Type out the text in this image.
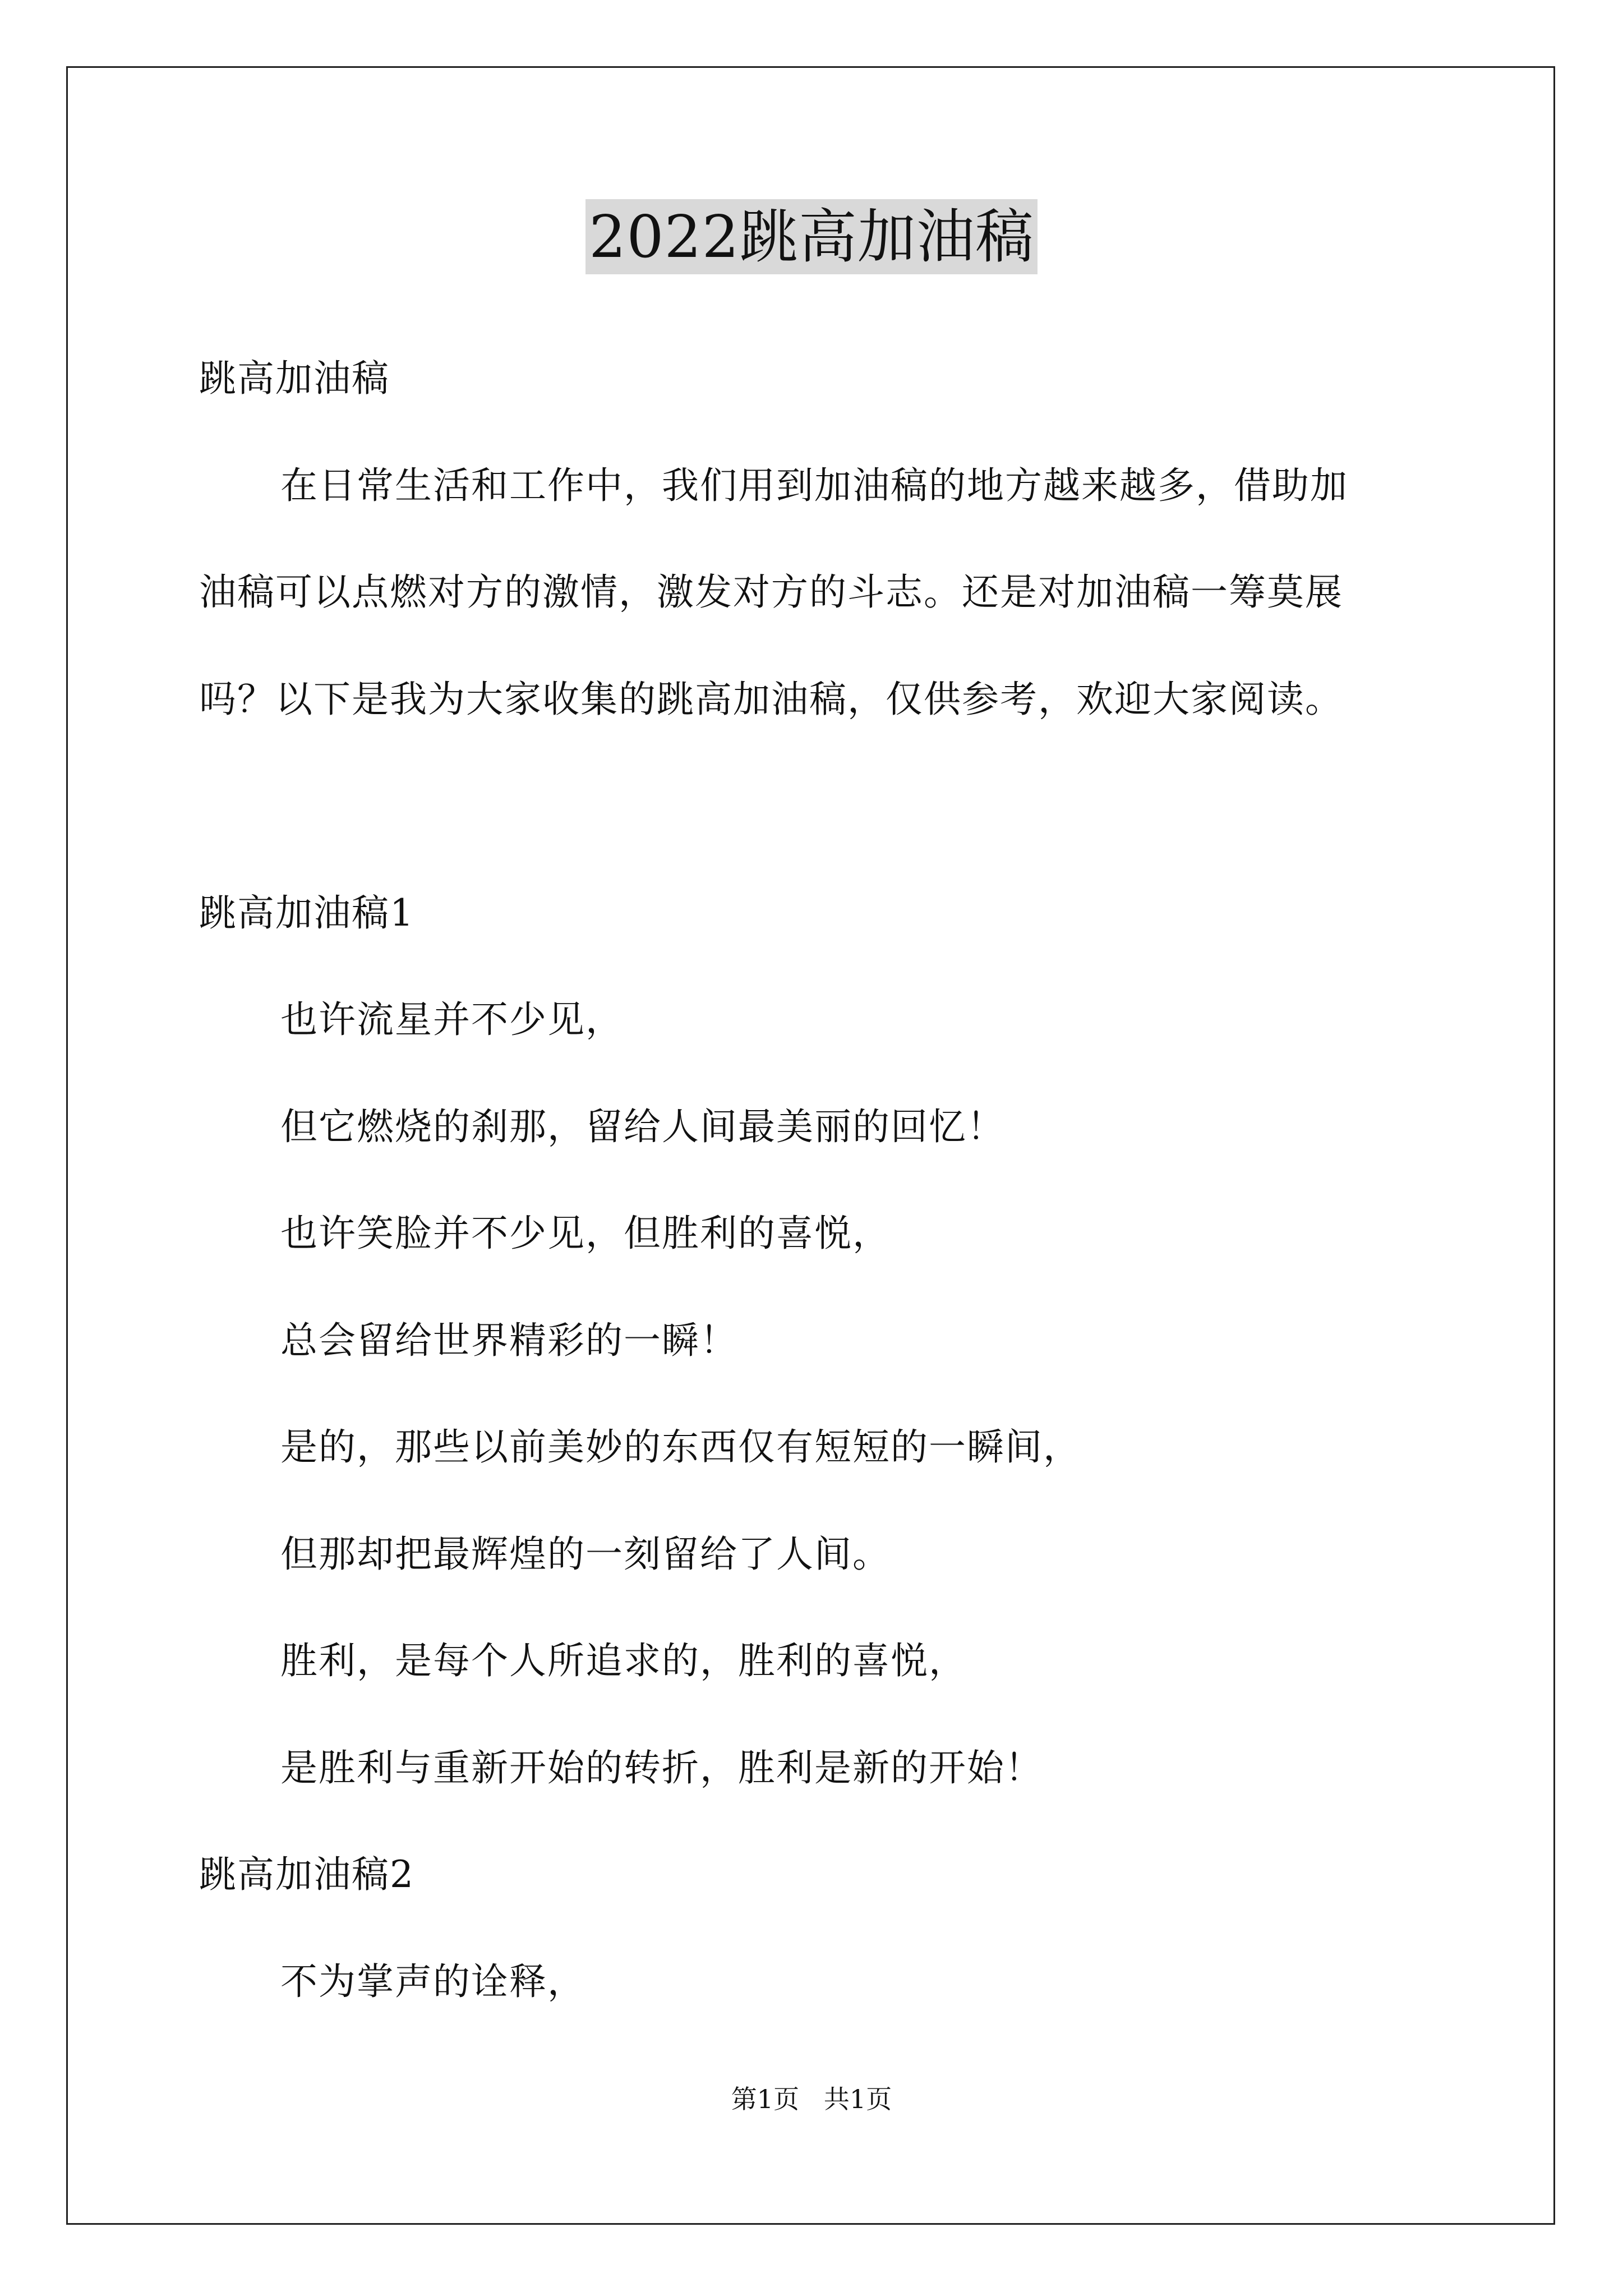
2022跳高加油稿
跳高加油稿
在日常生活和工作中，我们用到加油稿的地方越来越多，借助加
油稿可以点燃对方的激情，激发对方的斗志。还是对加油稿一筹莫展
吗？以下是我为大家收集的跳高加油稿，仅供参考，欢迎大家阅读。
跳高加油稿1
也许流星并不少见，
但它燃烧的刹那，留给人间最美丽的回忆！
也许笑脸并不少见，但胜利的喜悦，
总会留给世界精彩的一瞬！
是的，那些以前美妙的东西仅有短短的一瞬间，
但那却把最辉煌的一刻留给了人间。
胜利，是每个人所追求的，胜利的喜悦，
是胜利与重新开始的转折，胜利是新的开始！
跳高加油稿2
不为掌声的诠释，
第1页   共1页
